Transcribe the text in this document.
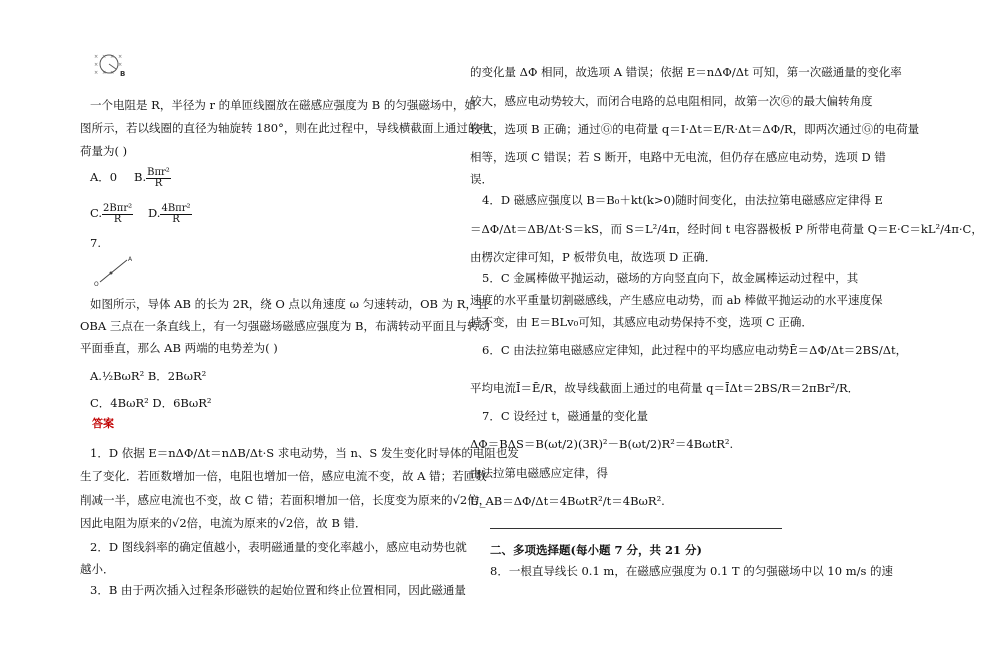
× × × ×
×	×
× × × B
一个电阻是 R，半径为 r 的单匝线圈放在磁感应强度为 B 的匀强磁场中，如
图所示，若以线圈的直径为轴旋转 180°，则在此过程中，导线横截面上通过的电
荷量为( )
A．0 B. $\frac{\text{Bπr²}}{R}$
C. $\frac{\text{2Bπr²}}{R} D$. $\frac{\text{4Bπr²}}{R}$
7.
A
O
如图所示，导体 AB 的长为 2R，绕 O 点以角速度 ω 匀速转动，OB 为 R，且
OBA 三点在一条直线上，有一匀强磁场磁感应强度为 B，布满转动平面且与转动
平面垂直，那么 AB 两端的电势差为( )
A.½BωR² B．2BωR²
C．4BωR² D．6BωR²
答案
1．D 依据 E＝nΔΦ/Δt＝nΔB/Δt·S 求电动势，当 n、S 发生变化时导体的电阻也发
生了变化．若匝数增加一倍，电阻也增加一倍，感应电流不变，故 A 错；若匝数
削减一半，感应电流也不变，故 C 错；若面积增加一倍，长度变为原来的√2倍，
因此电阻为原来的√2倍，电流为原来的√2倍，故 B 错．
2．D 图线斜率的确定值越小，表明磁通量的变化率越小，感应电动势也就
越小．
3．B 由于两次插入过程条形磁铁的起始位置和终止位置相同，因此磁通量
的变化量 ΔΦ 相同，故选项 A 错误；依据 E＝nΔΦ/Δt 可知，第一次磁通量的变化率
较大，感应电动势较大，而闭合电路的总电阻相同，故第一次Ⓖ的最大偏转角度
较大，选项 B 正确；通过Ⓖ的电荷量 q＝I·Δt＝E/R·Δt＝ΔΦ/R，即两次通过Ⓖ的电荷量
相等，选项 C 错误；若 S 断开，电路中无电流，但仍存在感应电动势，选项 D 错
误．
4．D 磁感应强度以 B＝B₀＋kt(k>0)随时间变化，由法拉第电磁感应定律得 E
＝ΔΦ/Δt＝ΔB/Δt·S＝kS，而 S＝L²/4π，经时间 t 电容器极板 P 所带电荷量 Q＝E·C＝kL²/4π·C，
由楞次定律可知，P 板带负电，故选项 D 正确．
5．C 金属棒做平抛运动，磁场的方向竖直向下，故金属棒运动过程中，其
速度的水平重量切割磁感线，产生感应电动势，而 ab 棒做平抛运动的水平速度保
持不变，由 E＝BLv₀可知，其感应电动势保持不变，选项 C 正确．
6．C 由法拉第电磁感应定律知，此过程中的平均感应电动势Ē＝ΔΦ/Δt＝2BS/Δt，
平均电流Ī＝Ē/R，故导线截面上通过的电荷量 q＝ĪΔt＝2BS/R＝2πBr²/R．
7．C 设经过 t，磁通量的变化量
ΔΦ＝BΔS＝B(ωt/2)(3R)²－B(ωt/2)R²＝4BωtR².
由法拉第电磁感应定律，得
U_AB＝ΔΦ/Δt＝4BωtR²/t＝4BωR².
二、多项选择题(每小题 7 分，共 21 分)
8．一根直导线长 0.1 m，在磁感应强度为 0.1 T 的匀强磁场中以 10 m/s 的速
